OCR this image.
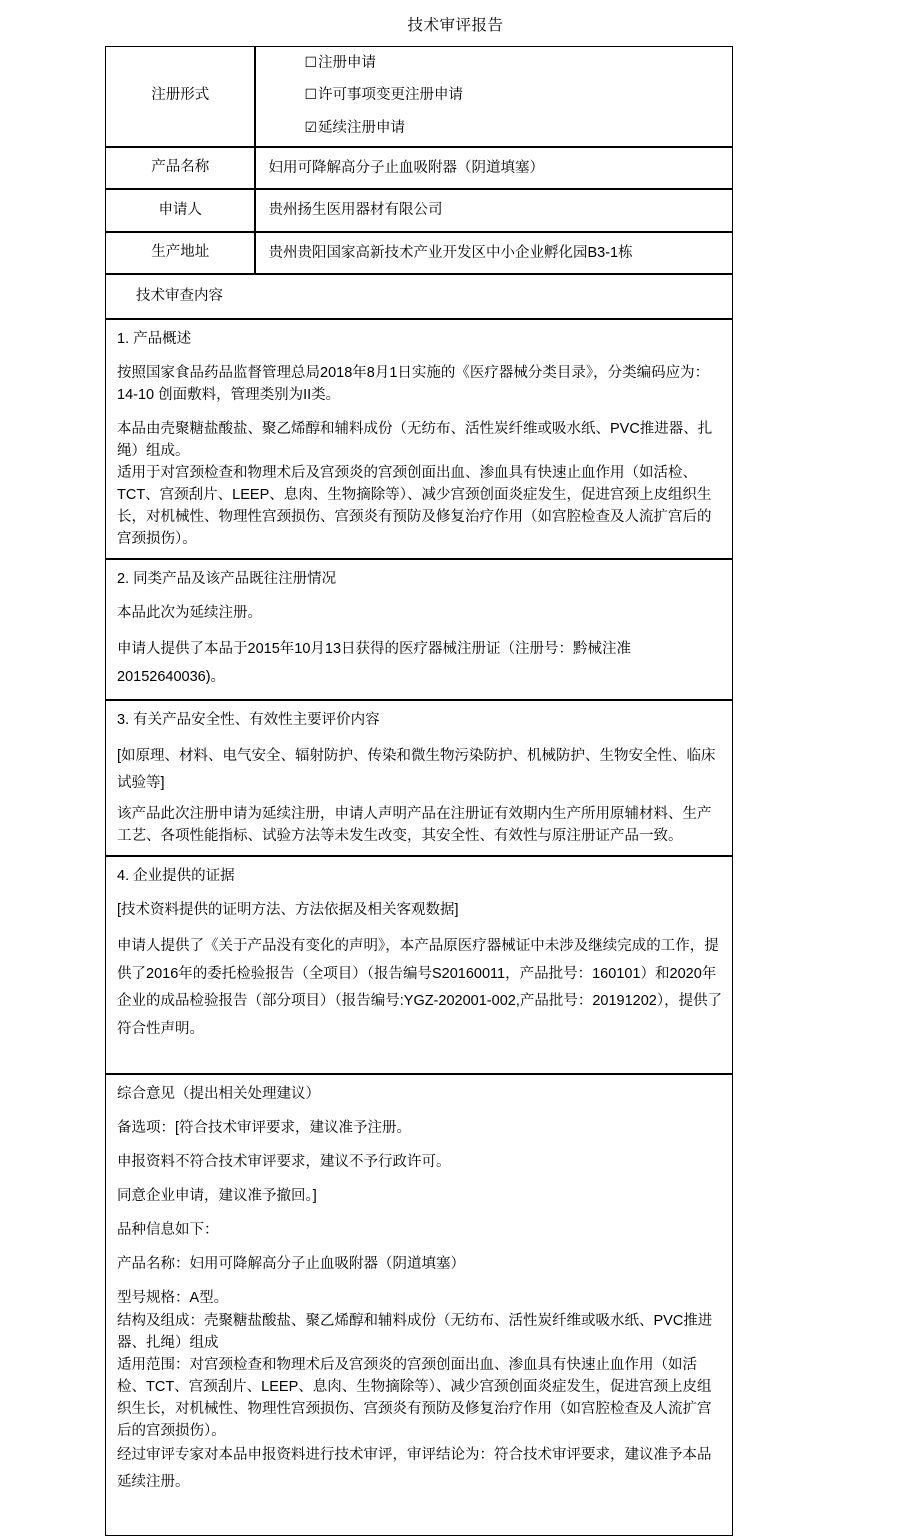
技术审评报告
注册形式	☐注册申请
☐许可事项变更注册申请
☑延续注册申请

产品名称	妇用可降解高分子止血吸附器（阴道填塞）

申请人	贵州扬生医用器材有限公司

生产地址	贵州贵阳国家高新技术产业开发区中小企业孵化园B3-1栋

技术审查内容	

1. 产品概述

按照国家食品药品监督管理总局2018年8月1日实施的《医疗器械分类目录》，分类编码应为：14-10 创面敷料，管理类别为II类。

本品由壳聚糖盐酸盐、聚乙烯醇和辅料成份（无纺布、活性炭纤维或吸水纸、PVC推进器、扎绳）组成。

适用于对宫颈检查和物理术后及宫颈炎的宫颈创面出血、渗血具有快速止血作用（如活检、TCT、宫颈刮片、LEEP、息肉、生物摘除等）、减少宫颈创面炎症发生，促进宫颈上皮组织生长，对机械性、物理性宫颈损伤、宫颈炎有预防及修复治疗作用（如宫腔检查及人流扩宫后的宫颈损伤）。	

2. 同类产品及该产品既往注册情况

本品此次为延续注册。

申请人提供了本品于2015年10月13日获得的医疗器械注册证（注册号：黔械注准20152640036)。	

3. 有关产品安全性、有效性主要评价内容

[如原理、材料、电气安全、辐射防护、传染和微生物污染防护、机械防护、生物安全性、临床试验等]

该产品此次注册申请为延续注册，申请人声明产品在注册证有效期内生产所用原辅材料、生产工艺、各项性能指标、试验方法等未发生改变，其安全性、有效性与原注册证产品一致。	

4. 企业提供的证据

[技术资料提供的证明方法、方法依据及相关客观数据]

申请人提供了《关于产品没有变化的声明》，本产品原医疗器械证中未涉及继续完成的工作，提供了2016年的委托检验报告（全项目）（报告编号S20160011，产品批号：160101）和2020年企业的成品检验报告（部分项目）（报告编号:YGZ-202001-002,产品批号：20191202），提供了符合性声明。	

综合意见（提出相关处理建议）

备选项：[符合技术审评要求，建议准予注册。

申报资料不符合技术审评要求，建议不予行政许可。

同意企业申请，建议准予撤回。]

品种信息如下：

产品名称：妇用可降解高分子止血吸附器（阴道填塞）

型号规格：A型。

结构及组成：壳聚糖盐酸盐、聚乙烯醇和辅料成份（无纺布、活性炭纤维或吸水纸、PVC推进器、扎绳）组成

适用范围：对宫颈检查和物理术后及宫颈炎的宫颈创面出血、渗血具有快速止血作用（如活检、TCT、宫颈刮片、LEEP、息肉、生物摘除等）、减少宫颈创面炎症发生，促进宫颈上皮组织生长，对机械性、物理性宫颈损伤、宫颈炎有预防及修复治疗作用（如宫腔检查及人流扩宫后的宫颈损伤）。

经过审评专家对本品申报资料进行技术审评，审评结论为：符合技术审评要求，建议准予本品延续注册。
